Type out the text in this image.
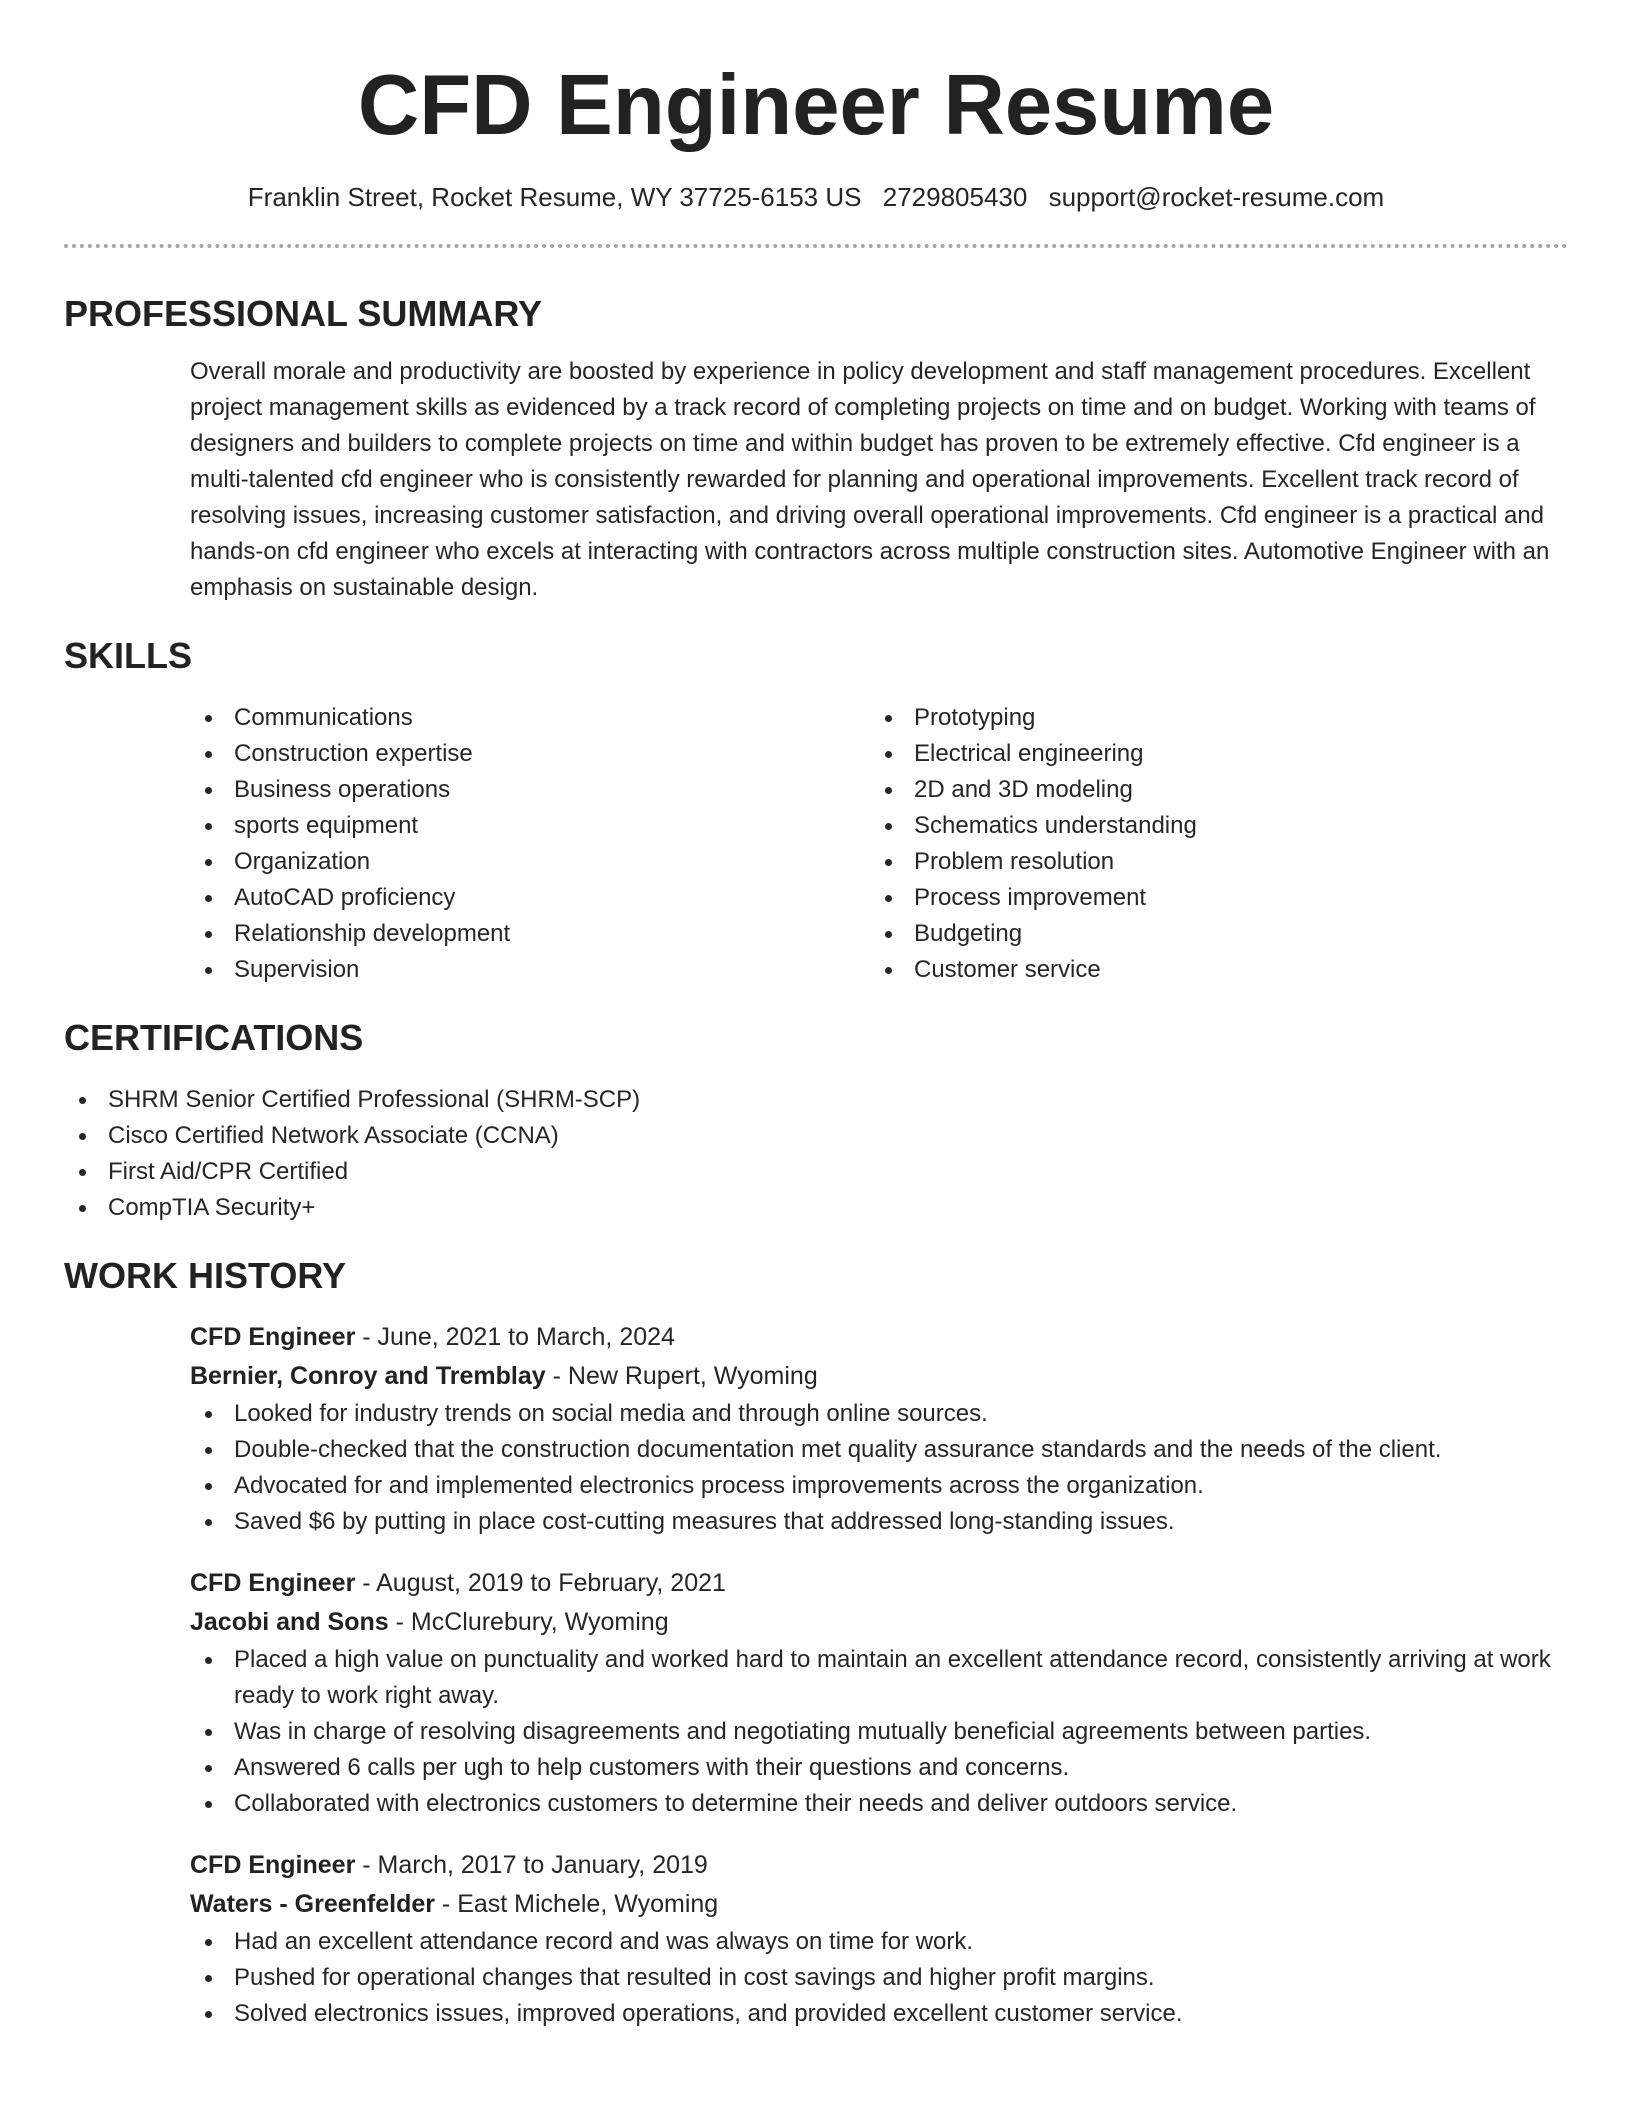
CFD Engineer Resume
Franklin Street, Rocket Resume, WY 37725-6153 US 2729805430 support@rocket-resume.com
PROFESSIONAL SUMMARY
Overall morale and productivity are boosted by experience in policy development and staff management procedures. Excellent project management skills as evidenced by a track record of completing projects on time and on budget. Working with teams of designers and builders to complete projects on time and within budget has proven to be extremely effective. Cfd engineer is a multi-talented cfd engineer who is consistently rewarded for planning and operational improvements. Excellent track record of resolving issues, increasing customer satisfaction, and driving overall operational improvements. Cfd engineer is a practical and hands-on cfd engineer who excels at interacting with contractors across multiple construction sites. Automotive Engineer with an emphasis on sustainable design.
SKILLS
Communications
Construction expertise
Business operations
sports equipment
Organization
AutoCAD proficiency
Relationship development
Supervision
Prototyping
Electrical engineering
2D and 3D modeling
Schematics understanding
Problem resolution
Process improvement
Budgeting
Customer service
CERTIFICATIONS
SHRM Senior Certified Professional (SHRM-SCP)
Cisco Certified Network Associate (CCNA)
First Aid/CPR Certified
CompTIA Security+
WORK HISTORY
CFD Engineer - June, 2021 to March, 2024
Bernier, Conroy and Tremblay - New Rupert, Wyoming
Looked for industry trends on social media and through online sources.
Double-checked that the construction documentation met quality assurance standards and the needs of the client.
Advocated for and implemented electronics process improvements across the organization.
Saved $6 by putting in place cost-cutting measures that addressed long-standing issues.
CFD Engineer - August, 2019 to February, 2021
Jacobi and Sons - McClurebury, Wyoming
Placed a high value on punctuality and worked hard to maintain an excellent attendance record, consistently arriving at work ready to work right away.
Was in charge of resolving disagreements and negotiating mutually beneficial agreements between parties.
Answered 6 calls per ugh to help customers with their questions and concerns.
Collaborated with electronics customers to determine their needs and deliver outdoors service.
CFD Engineer - March, 2017 to January, 2019
Waters - Greenfelder - East Michele, Wyoming
Had an excellent attendance record and was always on time for work.
Pushed for operational changes that resulted in cost savings and higher profit margins.
Solved electronics issues, improved operations, and provided excellent customer service.
